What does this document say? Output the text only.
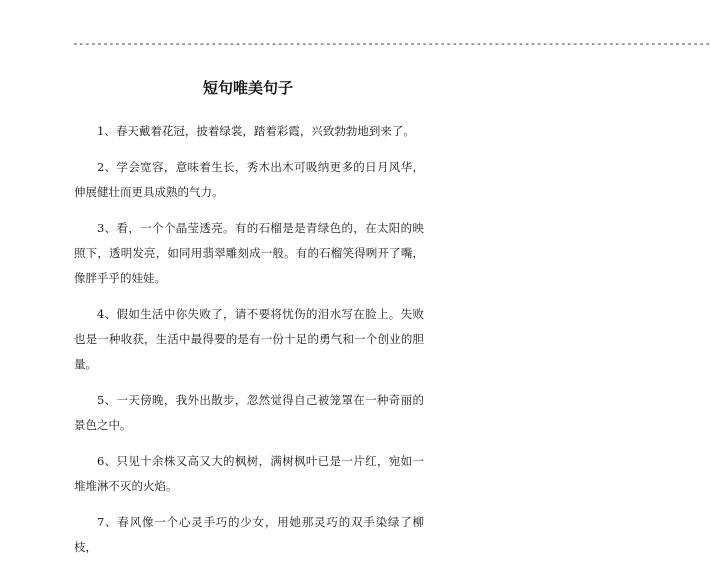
----------------------------------------------------------------------------------------------------------
短句唯美句子

1、春天戴着花冠，披着绿裳，踏着彩霞，兴致勃勃地到来了。

2、学会宽容，意味着生长，秀木出木可吸纳更多的日月风华，伸展健壮而更具成熟的气力。

3、看，一个个晶莹透亮。有的石榴是是青绿色的，在太阳的映照下，透明发亮，如同用翡翠雕刻成一般。有的石榴笑得咧开了嘴，像胖乎乎的娃娃。

4、假如生活中你失败了，请不要将忧伤的泪水写在脸上。失败也是一种收获，生活中最得要的是有一份十足的勇气和一个创业的胆量。

5、一天傍晚，我外出散步，忽然觉得自己被笼罩在一种奇丽的景色之中。

6、只见十余株又高又大的枫树，满树枫叶已是一片红，宛如一堆堆淋不灭的火焰。

7、春风像一个心灵手巧的少女，用她那灵巧的双手染绿了柳枝，
